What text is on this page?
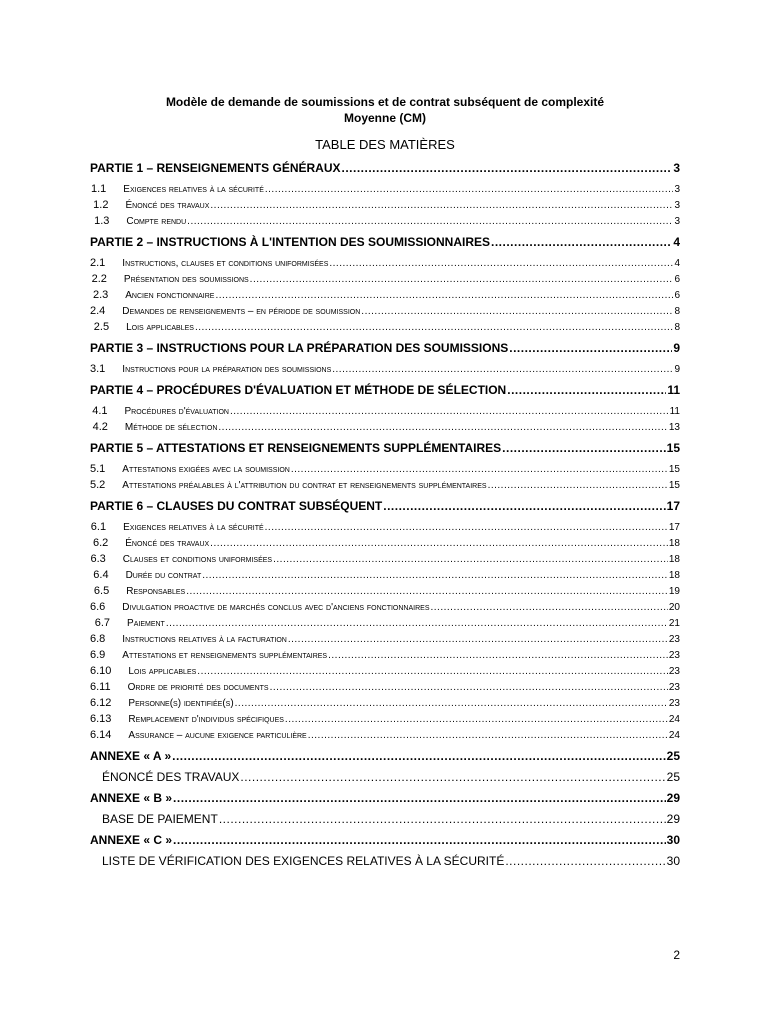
Modèle de demande de soumissions et de contrat subséquent de complexité
Moyenne (CM)
TABLE DES MATIÈRES
PARTIE 1 – RENSEIGNEMENTS GÉNÉRAUX .....	3
1.1	Exigences relatives à la sécurité .....	3
1.2	Énoncé des travaux .....	3
1.3	Compte rendu .....	3
PARTIE 2 – INSTRUCTIONS À L'INTENTION DES SOUMISSIONNAIRES .....	4
2.1	Instructions, clauses et conditions uniformisées .....	4
2.2	Présentation des soumissions .....	6
2.3	Ancien fonctionnaire .....	6
2.4	Demandes de renseignements – en période de soumission .....	8
2.5	Lois applicables .....	8
PARTIE 3 – INSTRUCTIONS POUR LA PRÉPARATION DES SOUMISSIONS .....	9
3.1	Instructions pour la préparation des soumissions .....	9
PARTIE 4 – PROCÉDURES D'ÉVALUATION ET MÉTHODE DE SÉLECTION .....	11
4.1	Procédures d'évaluation .....	11
4.2	Méthode de sélection .....	13
PARTIE 5 – ATTESTATIONS ET RENSEIGNEMENTS SUPPLÉMENTAIRES .....	15
5.1	Attestations exigées avec la soumission .....	15
5.2	Attestations préalables à l'attribution du contrat et renseignements supplémentaires .....	15
PARTIE 6 – CLAUSES DU CONTRAT SUBSÉQUENT .....	17
6.1	Exigences relatives à la sécurité .....	17
6.2	Énoncé des travaux .....	18
6.3	Clauses et conditions uniformisées .....	18
6.4	Durée du contrat .....	18
6.5	Responsables .....	19
6.6	Divulgation proactive de marchés conclus avec d'anciens fonctionnaires .....	20
6.7	Paiement .....	21
6.8	Instructions relatives à la facturation .....	23
6.9	Attestations et renseignements supplémentaires .....	23
6.10	Lois applicables .....	23
6.11	Ordre de priorité des documents .....	23
6.12	Personne(s) identifiée(s) .....	23
6.13	Remplacement d'individus spécifiques .....	24
6.14	Assurance – aucune exigence particulière .....	24
ANNEXE « A » .....	25
ÉNONCÉ DES TRAVAUX .....	25
ANNEXE « B » .....	29
BASE DE PAIEMENT .....	29
ANNEXE « C » .....	30
LISTE DE VÉRIFICATION DES EXIGENCES RELATIVES À LA SÉCURITÉ .....	30
2
